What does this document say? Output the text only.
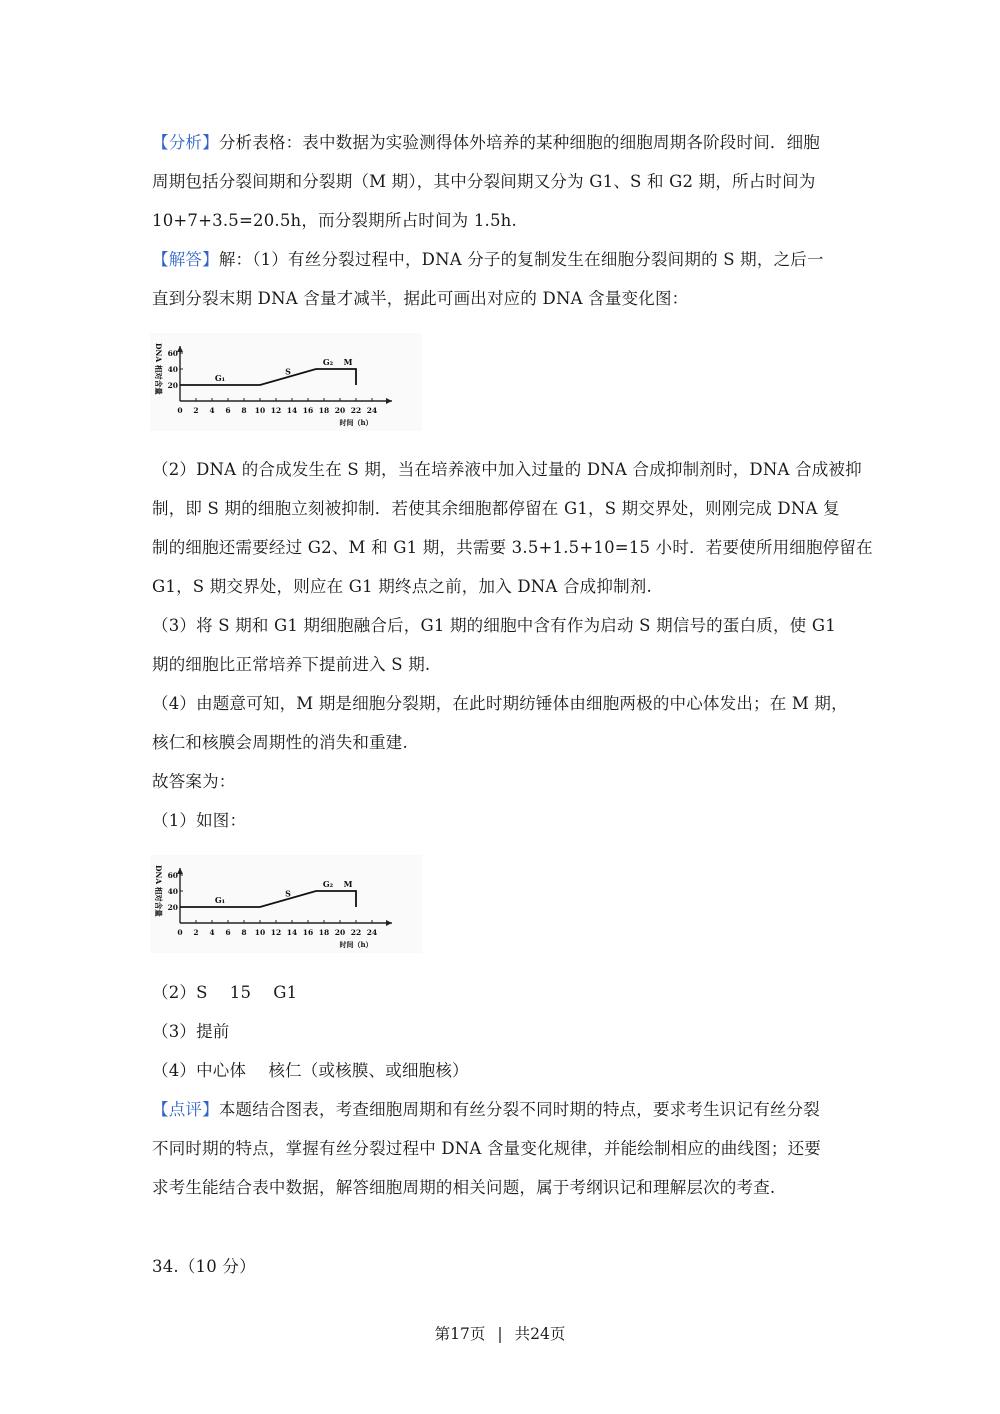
【分析】分析表格：表中数据为实验测得体外培养的某种细胞的细胞周期各阶段时间．细胞
周期包括分裂间期和分裂期（M 期），其中分裂间期又分为 G1、S 和 G2 期，所占时间为
10+7+3.5=20.5h，而分裂期所占时间为 1.5h.
【解答】解：（1）有丝分裂过程中，DNA 分子的复制发生在细胞分裂间期的 S 期，之后一
直到分裂末期 DNA 含量才减半，据此可画出对应的 DNA 含量变化图：
0 2 4 6 8 10 12 14 16 18 20 22 24
20
40
60
DNA 相对含量
时间（h）
G₁
S
G₂ M
（2）DNA 的合成发生在 S 期，当在培养液中加入过量的 DNA 合成抑制剂时，DNA 合成被抑
制，即 S 期的细胞立刻被抑制．若使其余细胞都停留在 G1，S 期交界处，则刚完成 DNA 复
制的细胞还需要经过 G2、M 和 G1 期，共需要 3.5+1.5+10=15 小时．若要使所用细胞停留在
G1，S 期交界处，则应在 G1 期终点之前，加入 DNA 合成抑制剂.
（3）将 S 期和 G1 期细胞融合后，G1 期的细胞中含有作为启动 S 期信号的蛋白质，使 G1
期的细胞比正常培养下提前进入 S 期.
（4）由题意可知，M 期是细胞分裂期，在此时期纺锤体由细胞两极的中心体发出；在 M 期，
核仁和核膜会周期性的消失和重建.
故答案为：
（1）如图：
0 2 4 6 8 10 12 14 16 18 20 22 24
20
40
60
DNA 相对含量
时间（h）
G₁
S
G₂ M
（2）S　 15　 G1
（3）提前
（4）中心体　 核仁（或核膜、或细胞核）
【点评】本题结合图表，考查细胞周期和有丝分裂不同时期的特点，要求考生识记有丝分裂
不同时期的特点，掌握有丝分裂过程中 DNA 含量变化规律，并能绘制相应的曲线图；还要
求考生能结合表中数据，解答细胞周期的相关问题，属于考纲识记和理解层次的考查.
34.（10 分）
第17页 | 共24页
